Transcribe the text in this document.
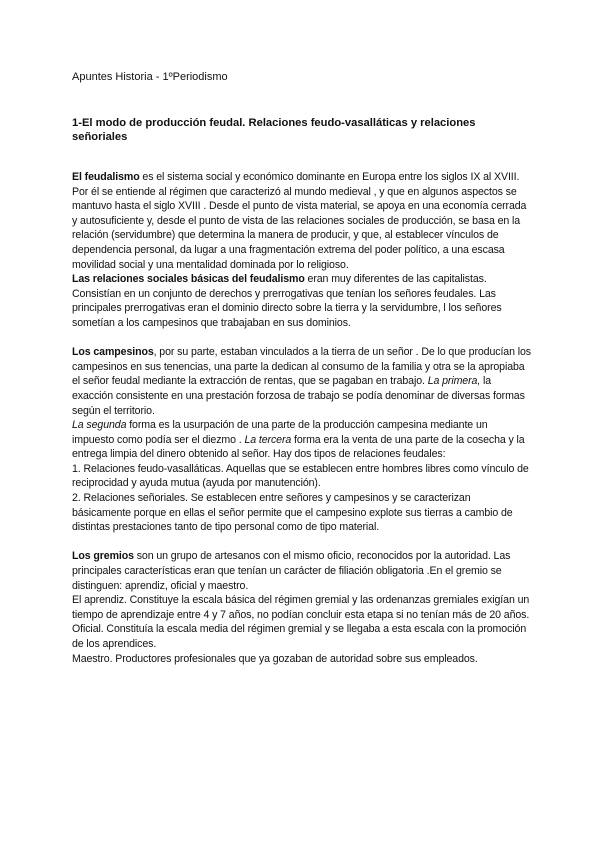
Apuntes Historia - 1ºPeriodismo
1-El modo de producción feudal. Relaciones feudo-vasalláticas y relaciones señoriales

El feudalismo es el sistema social y económico dominante en Europa entre los siglos IX al XVIII. Por él se entiende al régimen que caracterizó al mundo medieval , y que en algunos aspectos se mantuvo hasta el siglo XVIII . Desde el punto de vista material, se apoya en una economía cerrada y autosuficiente y, desde el punto de vista de las relaciones sociales de producción, se basa en la relación (servidumbre) que determina la manera de producir, y que, al establecer vínculos de dependencia personal, da lugar a una fragmentación extrema del poder político, a una escasa movilidad social y una mentalidad dominada por lo religioso.

Las relaciones sociales básicas del feudalismo eran muy diferentes de las capitalistas. Consistían en un conjunto de derechos y prerrogativas que tenían los señores feudales. Las principales prerrogativas eran el dominio directo sobre la tierra y la servidumbre, l los señores sometían a los campesinos que trabajaban en sus dominios.

Los campesinos, por su parte, estaban vinculados a la tierra de un señor . De lo que producían los campesinos en sus tenencias, una parte la dedican al consumo de la familia y otra se la apropiaba el señor feudal mediante la extracción de rentas, que se pagaban en trabajo. La primera, la exacción consistente en una prestación forzosa de trabajo se podía denominar de diversas formas según el territorio.
La segunda forma es la usurpación de una parte de la producción campesina mediante un impuesto como podía ser el diezmo . La tercera forma era la venta de una parte de la cosecha y la entrega limpia del dinero obtenido al señor. Hay dos tipos de relaciones feudales:

1. Relaciones feudo-vasalláticas. Aquellas que se establecen entre hombres libres como vínculo de reciprocidad y ayuda mutua (ayuda por manutención).

2. Relaciones señoriales. Se establecen entre señores y campesinos y se caracterizan básicamente porque en ellas el señor permite que el campesino explote sus tierras a cambio de distintas prestaciones tanto de tipo personal como de tipo material.

Los gremios son un grupo de artesanos con el mismo oficio, reconocidos por la autoridad. Las principales características eran que tenían un carácter de filiación obligatoria .En el gremio se distinguen: aprendiz, oficial y maestro.

El aprendiz. Constituye la escala básica del régimen gremial y las ordenanzas gremiales exigían un tiempo de aprendizaje entre 4 y 7 años, no podían concluir esta etapa si no tenían más de 20 años.

Oficial. Constituía la escala media del régimen gremial y se llegaba a esta escala con la promoción de los aprendices.

Maestro. Productores profesionales que ya gozaban de autoridad sobre sus empleados.
